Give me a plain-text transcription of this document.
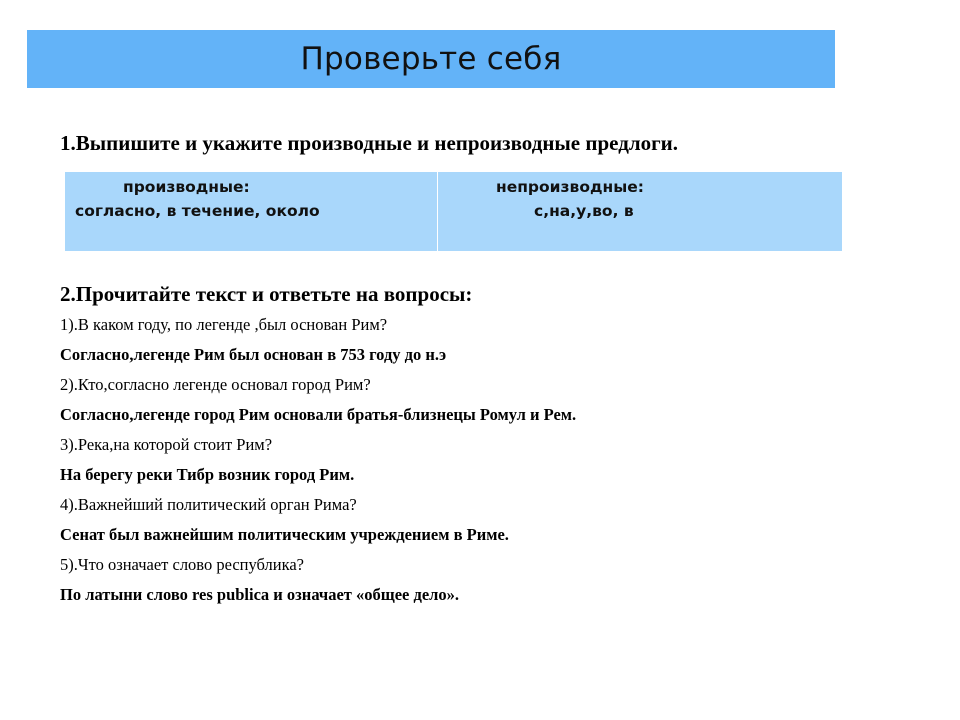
Проверьте себя
1.Выпишите и укажите производные и непроизводные предлоги.
производные:
согласно, в течение, около
непроизводные:
с,на,у,во, в
2.Прочитайте текст и ответьте на вопросы:
1).В каком году, по легенде ,был основан Рим?
Согласно,легенде Рим был основан в 753 году до н.э
2).Кто,согласно легенде основал город Рим?
Согласно,легенде город Рим основали братья-близнецы Ромул и Рем.
3).Река,на которой стоит Рим?
На берегу реки Тибр возник город Рим.
4).Важнейший политический орган Рима?
Сенат был важнейшим политическим учреждением в Риме.
5).Что означает слово республика?
По латыни слово res publica и означает «общее дело».
